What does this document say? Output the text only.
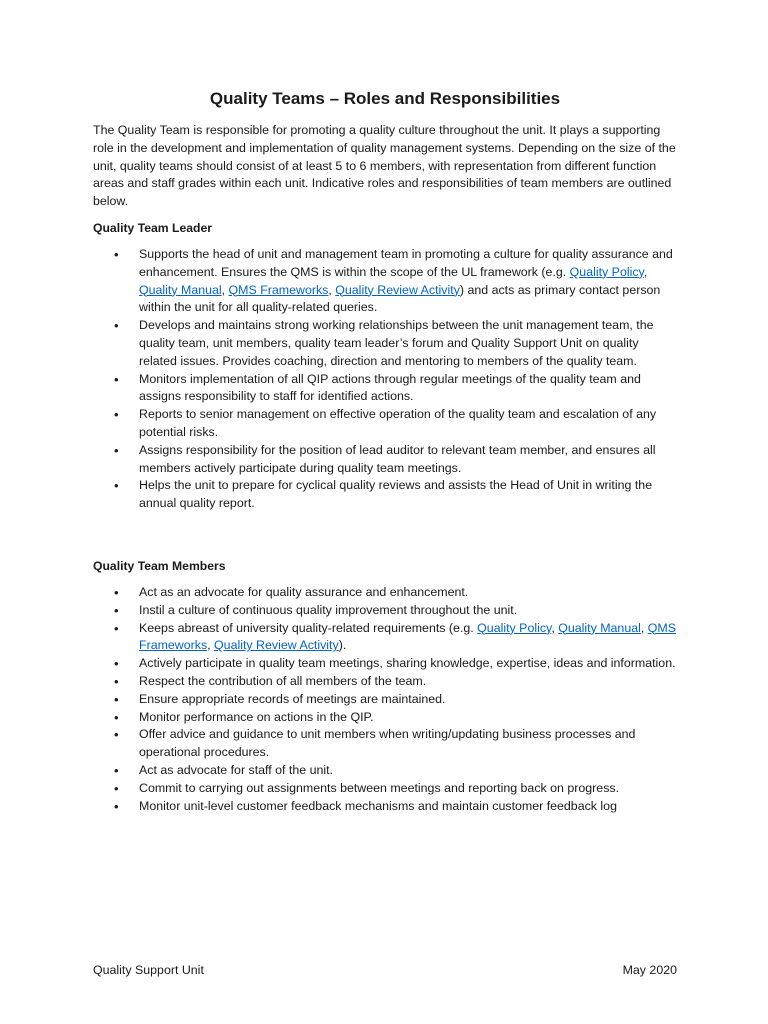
Quality Teams – Roles and Responsibilities

The Quality Team is responsible for promoting a quality culture throughout the unit. It plays a supporting role in the development and implementation of quality management systems. Depending on the size of the unit, quality teams should consist of at least 5 to 6 members, with representation from different function areas and staff grades within each unit. Indicative roles and responsibilities of team members are outlined below.

Quality Team Leader
• Supports the head of unit and management team in promoting a culture for quality assurance and enhancement. Ensures the QMS is within the scope of the UL framework (e.g. Quality Policy, Quality Manual, QMS Frameworks, Quality Review Activity) and acts as primary contact person within the unit for all quality-related queries.
• Develops and maintains strong working relationships between the unit management team, the quality team, unit members, quality team leader’s forum and Quality Support Unit on quality related issues. Provides coaching, direction and mentoring to members of the quality team.
• Monitors implementation of all QIP actions through regular meetings of the quality team and assigns responsibility to staff for identified actions.
• Reports to senior management on effective operation of the quality team and escalation of any potential risks.
• Assigns responsibility for the position of lead auditor to relevant team member, and ensures all members actively participate during quality team meetings.
• Helps the unit to prepare for cyclical quality reviews and assists the Head of Unit in writing the annual quality report.
Quality Team Members
• Act as an advocate for quality assurance and enhancement.
• Instil a culture of continuous quality improvement throughout the unit.
• Keeps abreast of university quality-related requirements (e.g. Quality Policy, Quality Manual, QMS Frameworks, Quality Review Activity).
• Actively participate in quality team meetings, sharing knowledge, expertise, ideas and information.
• Respect the contribution of all members of the team.
• Ensure appropriate records of meetings are maintained.
• Monitor performance on actions in the QIP.
• Offer advice and guidance to unit members when writing/updating business processes and operational procedures.
• Act as advocate for staff of the unit.
• Commit to carrying out assignments between meetings and reporting back on progress.
• Monitor unit-level customer feedback mechanisms and maintain customer feedback log
Quality Support Unit	May 2020
